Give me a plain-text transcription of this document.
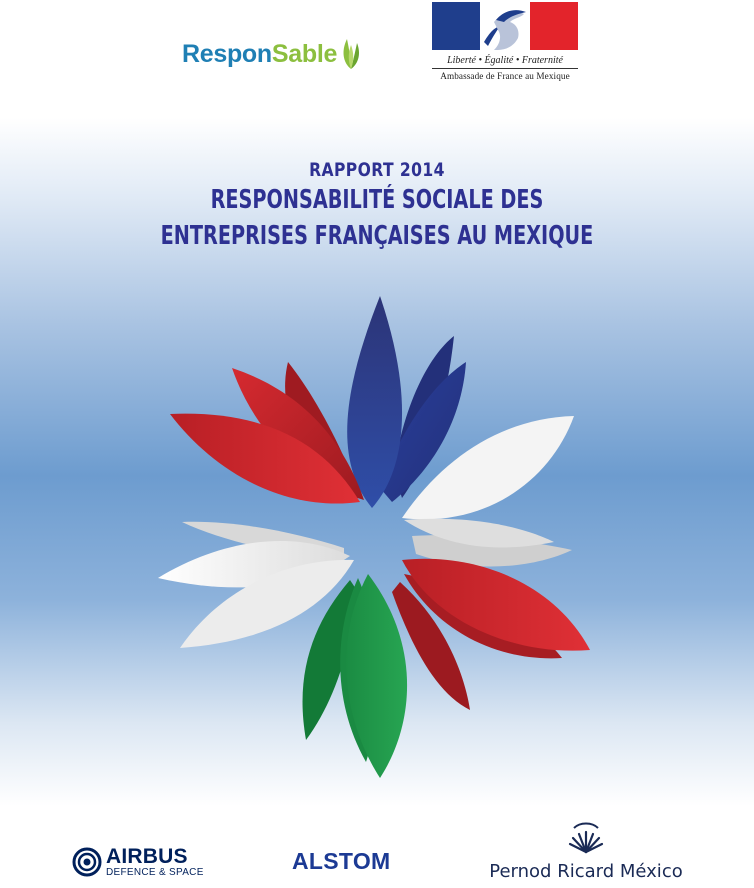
ResponSable	Liberté • Égalité • Fraternité
Ambassade de France au Mexique
RAPPORT 2014
RESPONSABILITÉ SOCIALE DES
ENTREPRISES FRANÇAISES AU MEXIQUE
AIRBUS
DEFENCE & SPACE	ALSTOM	Pernod Ricard México
